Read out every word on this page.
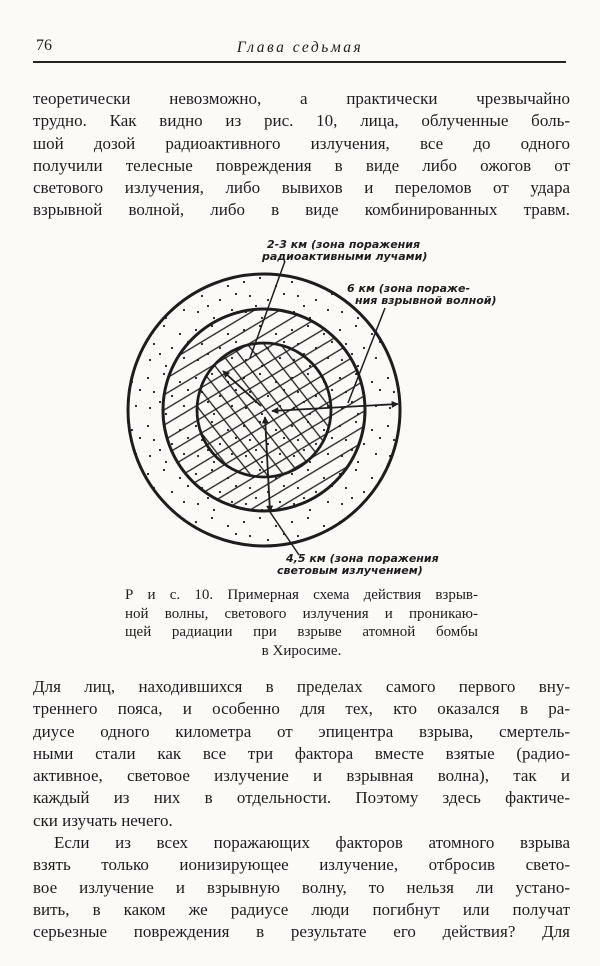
76	Глава седьмая
теоретически невозможно, а практически чрезвычайно
трудно. Как видно из рис. 10, лица, облученные боль-
шой дозой радиоактивного излучения, все до одного
получили телесные повреждения в виде либо ожогов от
светового излучения, либо вывихов и переломов от удара
взрывной волной, либо в виде комбинированных травм.
2-3 км (зона поражения
радиоактивными лучами)
6 км (зона пораже-
ния взрывной волной)
4,5 км (зона поражения
световым излучением)
Р и с. 10. Примерная схема действия взрыв-
ной волны, светового излучения и проникаю-
щей радиации при взрыве атомной бомбы
в Хиросиме.
Для лиц, находившихся в пределах самого первого вну-
треннего пояса, и особенно для тех, кто оказался в ра-
диусе одного километра от эпицентра взрыва, смертель-
ными стали как все три фактора вместе взятые (радио-
активное, световое излучение и взрывная волна), так и
каждый из них в отдельности. Поэтому здесь фактиче-
ски изучать нечего.
Если из всех поражающих факторов атомного взрыва
взять только ионизирующее излучение, отбросив свето-
вое излучение и взрывную волну, то нельзя ли устано-
вить, в каком же радиусе люди погибнут или получат
серьезные повреждения в результате его действия? Для
